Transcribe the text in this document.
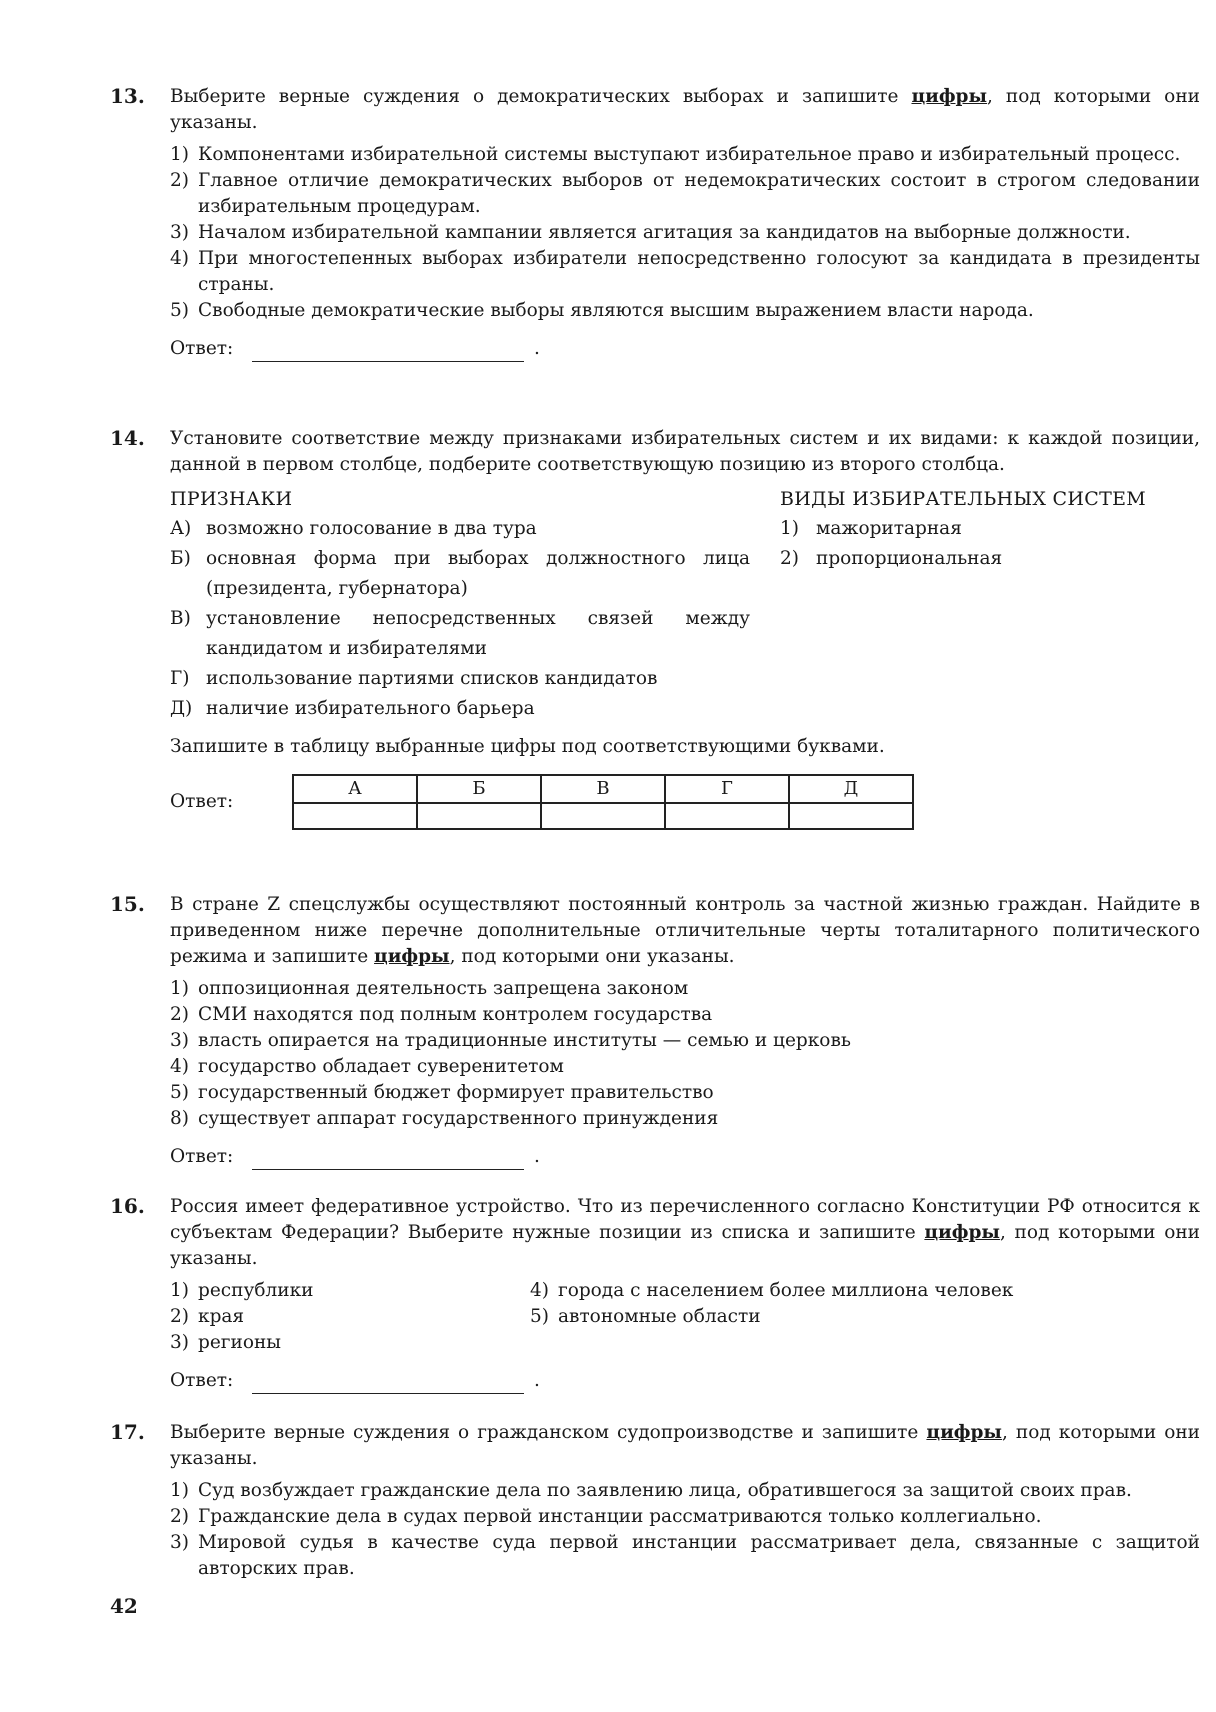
13. Выберите верные суждения о демократических выборах и запишите цифры, под которыми они указаны.
1) Компонентами избирательной системы выступают избирательное право и избирательный процесс.
2) Главное отличие демократических выборов от недемократических состоит в строгом следовании избирательным процедурам.
3) Началом избирательной кампании является агитация за кандидатов на выборные должности.
4) При многостепенных выборах избиратели непосредственно голосуют за кандидата в президенты страны.
5) Свободные демократические выборы являются высшим выражением власти народа.
Ответ:	.
14. Установите соответствие между признаками избирательных систем и их видами: к каждой позиции, данной в первом столбце, подберите соответствующую позицию из второго столбца.
ПРИЗНАКИ
А) возможно голосование в два тура
Б) основная форма при выборах должностного лица (президента, губернатора)
В) установление непосредственных связей между кандидатом и избирателями
Г) использование партиями списков кандидатов
Д) наличие избирательного барьера
ВИДЫ ИЗБИРАТЕЛЬНЫХ СИСТЕМ
1) мажоритарная
2) пропорциональная
Запишите в таблицу выбранные цифры под соответствующими буквами.
Ответ:
А	Б	В	Г	Д

15. В стране Z спецслужбы осуществляют постоянный контроль за частной жизнью граждан. Найдите в приведенном ниже перечне дополнительные отличительные черты тоталитарного политического режима и запишите цифры, под которыми они указаны.
1) оппозиционная деятельность запрещена законом
2) СМИ находятся под полным контролем государства
3) власть опирается на традиционные институты — семью и церковь
4) государство обладает суверенитетом
5) государственный бюджет формирует правительство
8) существует аппарат государственного принуждения
Ответ:	.
16. Россия имеет федеративное устройство. Что из перечисленного согласно Конституции РФ относится к субъектам Федерации? Выберите нужные позиции из списка и запишите цифры, под которыми они указаны.
1) республики
2) края
3) регионы
4) города с населением более миллиона человек
5) автономные области
Ответ:	.
17. Выберите верные суждения о гражданском судопроизводстве и запишите цифры, под которыми они указаны.
1) Суд возбуждает гражданские дела по заявлению лица, обратившегося за защитой своих прав.
2) Гражданские дела в судах первой инстанции рассматриваются только коллегиально.
3) Мировой судья в качестве суда первой инстанции рассматривает дела, связанные с защитой авторских прав.
42
